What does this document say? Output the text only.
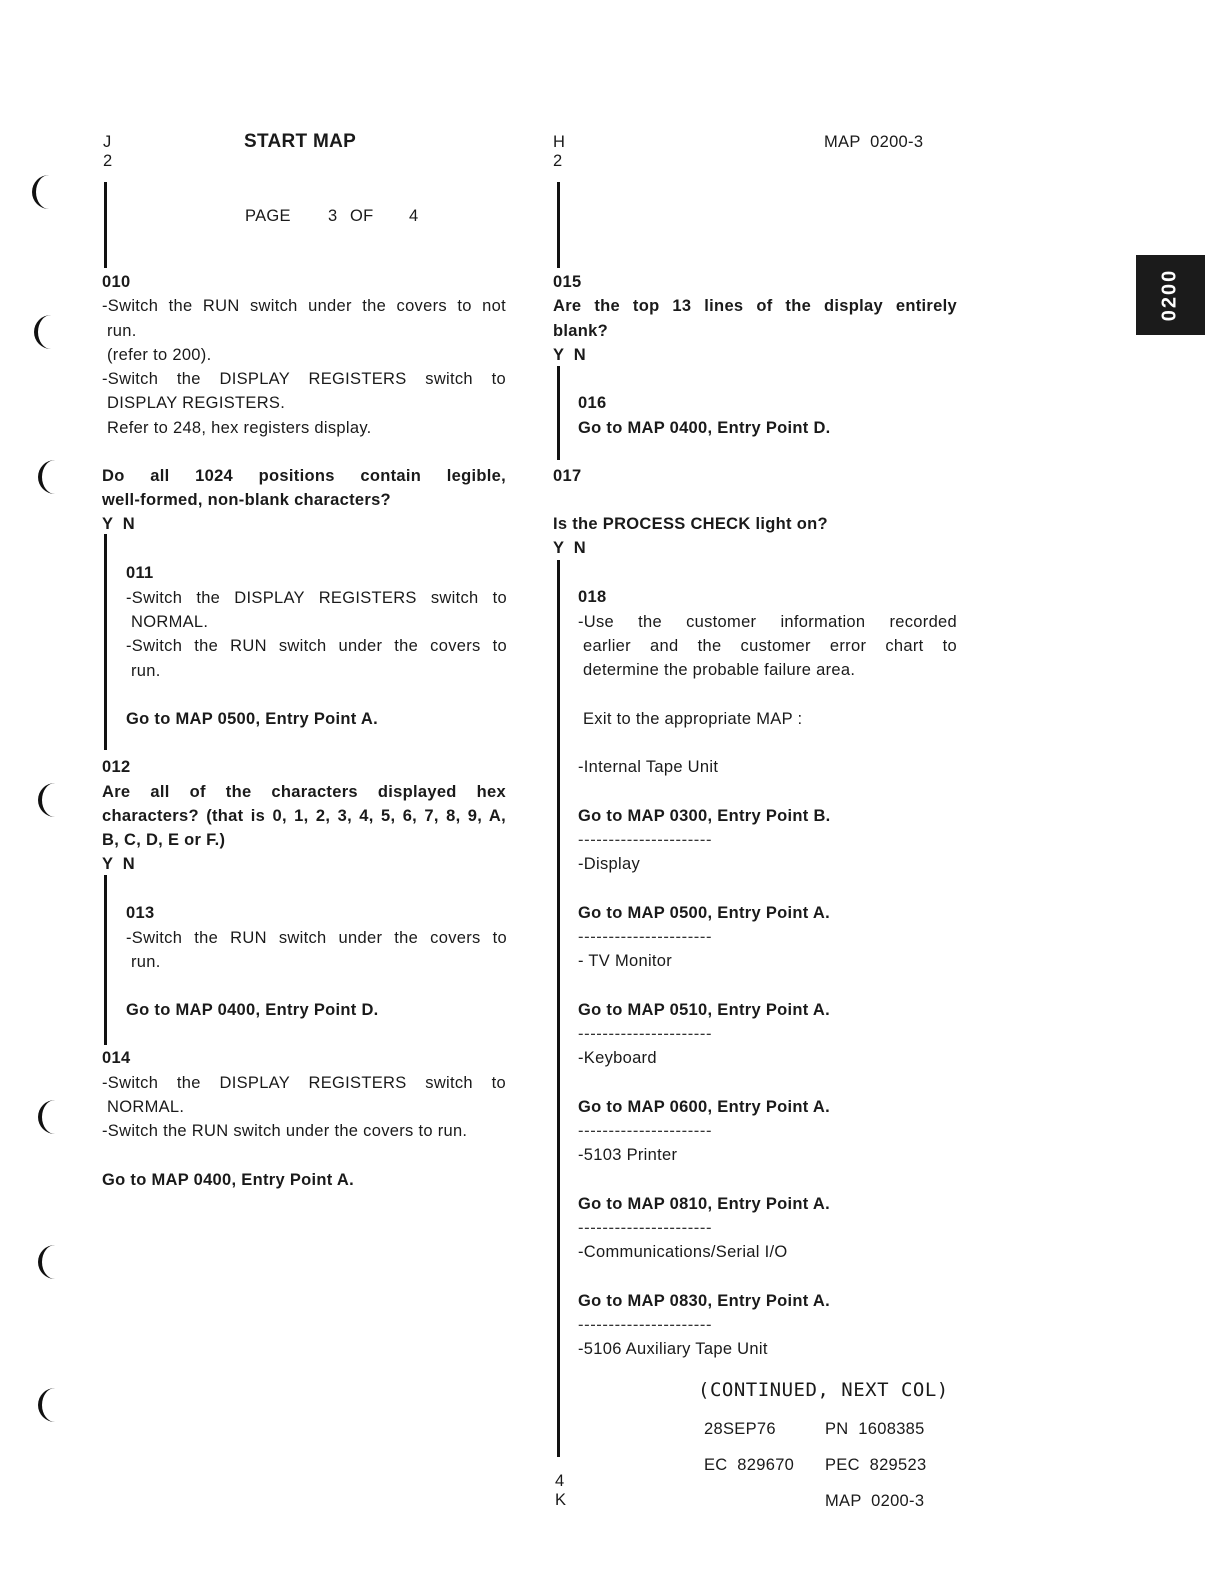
0200
J
2
START MAP
PAGE 3 OF 4
H
2
MAP  0200-3
010
-Switch the RUN switch under the covers to not
run.
(refer to 200).
-Switch the DISPLAY REGISTERS switch to
DISPLAY REGISTERS.
Refer to 248, hex registers display.
Do all 1024 positions contain legible,
well-formed, non-blank characters?
Y  N
011
-Switch the DISPLAY REGISTERS switch to
NORMAL.
-Switch the RUN switch under the covers to
run.
Go to MAP 0500, Entry Point A.
012
Are all of the characters displayed hex
characters? (that is 0, 1, 2, 3, 4, 5, 6, 7, 8, 9, A,
B, C, D, E or F.)
Y  N
013
-Switch the RUN switch under the covers to
run.
Go to MAP 0400, Entry Point D.
014
-Switch the DISPLAY REGISTERS switch to
NORMAL.
-Switch the RUN switch under the covers to run.
Go to MAP 0400, Entry Point A.
015
Are the top 13 lines of the display entirely
blank?
Y  N
016
Go to MAP 0400, Entry Point D.
017
Is the PROCESS CHECK light on?
Y  N
018
-Use the customer information recorded
earlier and the customer error chart to
determine the probable failure area.
Exit to the appropriate MAP :
-Internal Tape Unit
Go to MAP 0300, Entry Point B.
----------------------
-Display
Go to MAP 0500, Entry Point A.
----------------------
- TV Monitor
Go to MAP 0510, Entry Point A.
----------------------
-Keyboard
Go to MAP 0600, Entry Point A.
----------------------
-5103 Printer
Go to MAP 0810, Entry Point A.
----------------------
-Communications/Serial I/O
Go to MAP 0830, Entry Point A.
----------------------
-5106 Auxiliary Tape Unit
(CONTINUED, NEXT COL)
28SEP76	PN  1608385
EC  829670 PEC  829523
4
K	MAP  0200-3
